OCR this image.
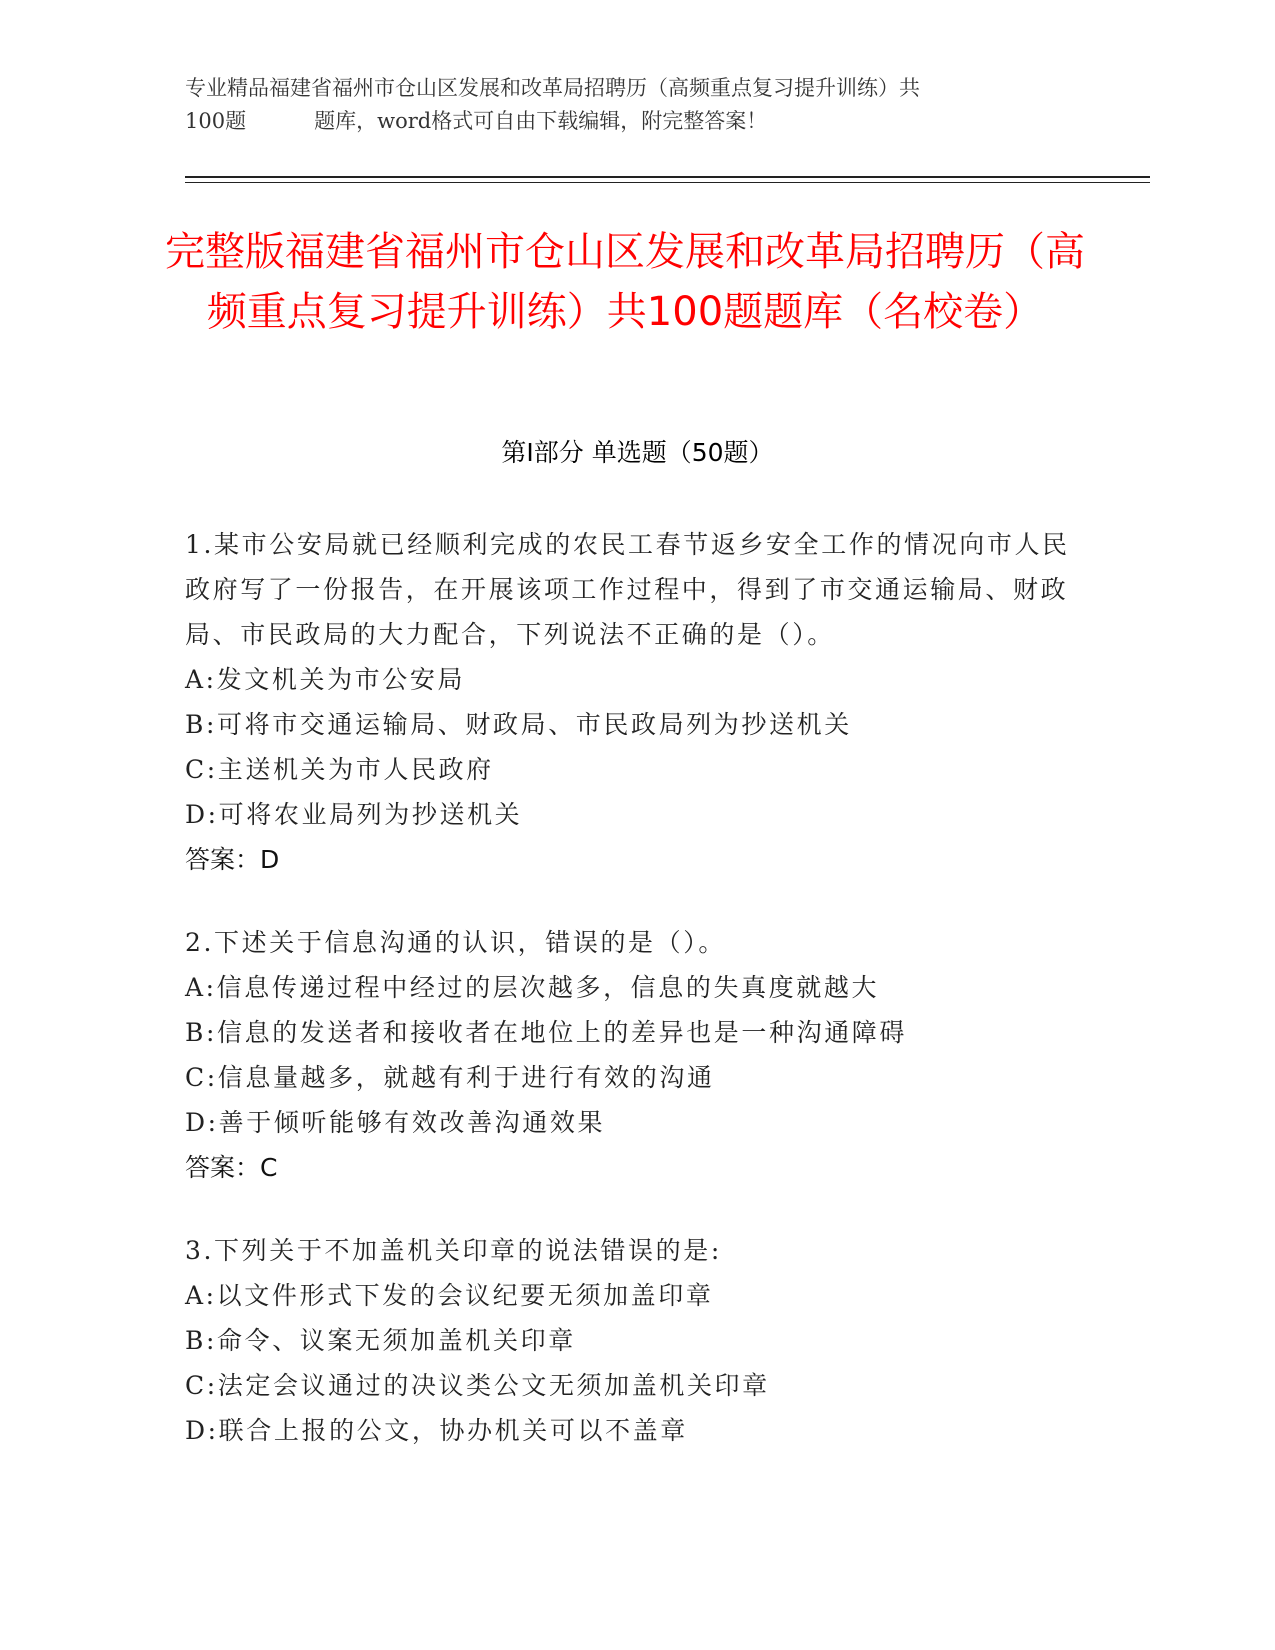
专业精品福建省福州市仓山区发展和改革局招聘历（高频重点复习提升训练）共
100题	题库，word格式可自由下载编辑，附完整答案！
完整版福建省福州市仓山区发展和改革局招聘历（高频重点复习提升训练）共100题题库（名校卷）
第I部分 单选题（50题）
1.某市公安局就已经顺利完成的农民工春节返乡安全工作的情况向市人民政府写了一份报告，在开展该项工作过程中，得到了市交通运输局、财政局、市民政局的大力配合，下列说法不正确的是（）。
A:发文机关为市公安局
B:可将市交通运输局、财政局、市民政局列为抄送机关
C:主送机关为市人民政府
D:可将农业局列为抄送机关
答案：D
2.下述关于信息沟通的认识，错误的是（）。
A:信息传递过程中经过的层次越多，信息的失真度就越大
B:信息的发送者和接收者在地位上的差异也是一种沟通障碍
C:信息量越多，就越有利于进行有效的沟通
D:善于倾听能够有效改善沟通效果
答案：C
3.下列关于不加盖机关印章的说法错误的是:
A:以文件形式下发的会议纪要无须加盖印章
B:命令、议案无须加盖机关印章
C:法定会议通过的决议类公文无须加盖机关印章
D:联合上报的公文，协办机关可以不盖章
